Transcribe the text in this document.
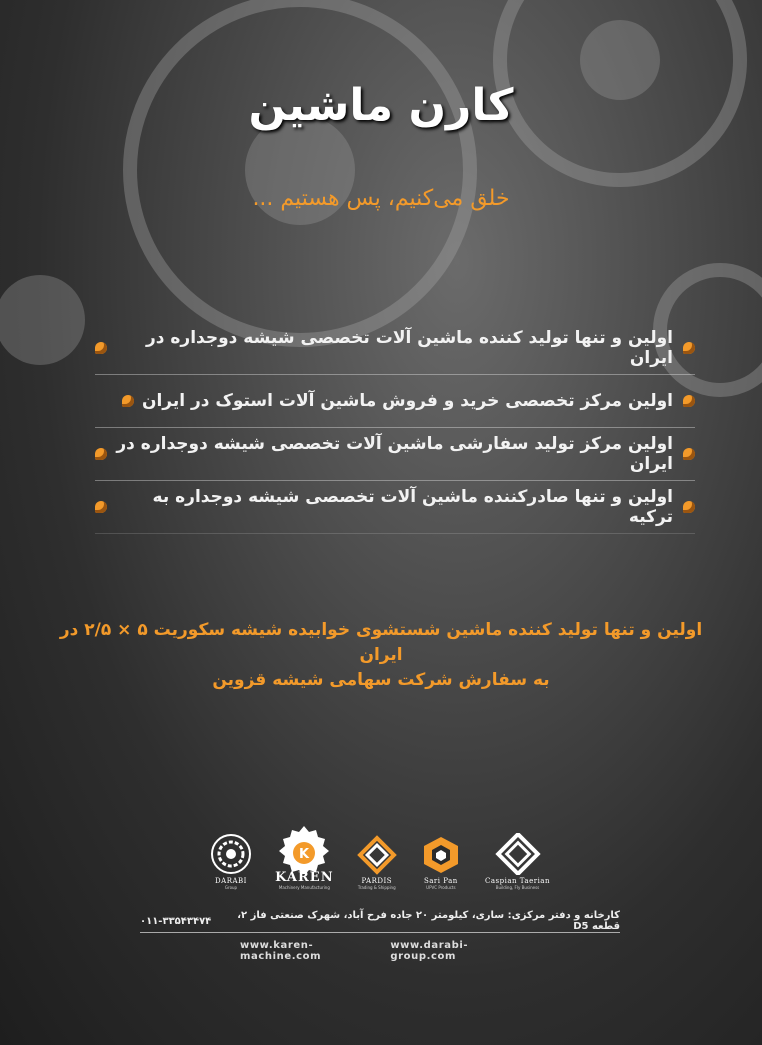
کارن ماشین
خلق می‌کنیم، پس هستیم ...
اولین و تنها تولید کننده ماشین آلات تخصصی شیشه دوجداره در ایران
اولین مرکز تخصصی خرید و فروش ماشین آلات استوک در ایران
اولین مرکز تولید سفارشی ماشین آلات تخصصی شیشه دوجداره در ایران
اولین و تنها صادرکننده ماشین آلات تخصصی شیشه دوجداره به ترکیه
اولین و تنها تولید کننده ماشین شستشوی خوابیده شیشه سکوریت ۵ × ۲/۵ در ایران
به سفارش شرکت سهامی شیشه قزوین
DARABI
Group
K
KAREN
Machinery Manufacturing
PARDIS
Trading & Shipping
Sari Pan
UPVC Products
Caspian Taerian
Building, Fly Business
کارخانه و دفتر مرکزی: ساری، کیلومتر ۲۰ جاده فرح آباد، شهرک صنعتی فاز ۲، قطعه D5
۰۱۱-۳۳۵۴۳۴۷۴
www.karen-machine.com
www.darabi-group.com
